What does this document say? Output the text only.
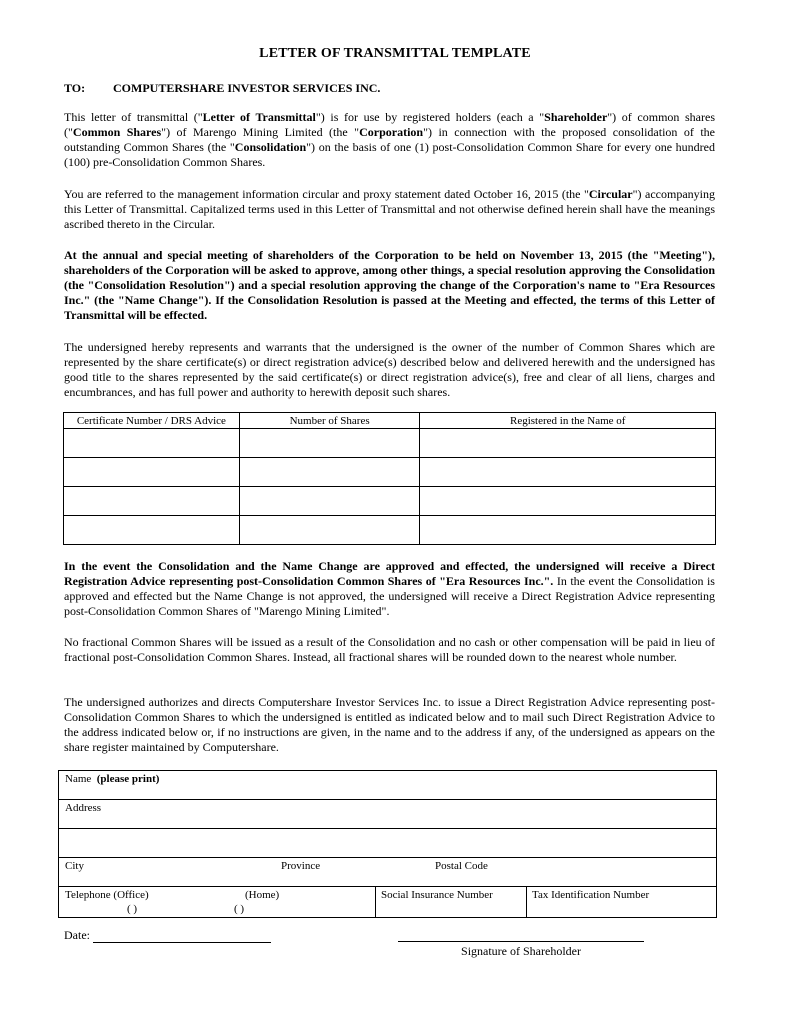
LETTER OF TRANSMITTAL TEMPLATE
TO: COMPUTERSHARE INVESTOR SERVICES INC.

This letter of transmittal ("Letter of Transmittal") is for use by registered holders (each a "Shareholder") of common shares ("Common Shares") of Marengo Mining Limited (the "Corporation") in connection with the proposed consolidation of the outstanding Common Shares (the "Consolidation") on the basis of one (1) post-Consolidation Common Share for every one hundred (100) pre-Consolidation Common Shares.

You are referred to the management information circular and proxy statement dated October 16, 2015 (the "Circular") accompanying this Letter of Transmittal. Capitalized terms used in this Letter of Transmittal and not otherwise defined herein shall have the meanings ascribed thereto in the Circular.

At the annual and special meeting of shareholders of the Corporation to be held on November 13, 2015 (the "Meeting"), shareholders of the Corporation will be asked to approve, among other things, a special resolution approving the Consolidation (the "Consolidation Resolution") and a special resolution approving the change of the Corporation's name to "Era Resources Inc." (the "Name Change"). If the Consolidation Resolution is passed at the Meeting and effected, the terms of this Letter of Transmittal will be effected.

The undersigned hereby represents and warrants that the undersigned is the owner of the number of Common Shares which are represented by the share certificate(s) or direct registration advice(s) described below and delivered herewith and the undersigned has good title to the shares represented by the said certificate(s) or direct registration advice(s), free and clear of all liens, charges and encumbrances, and has full power and authority to herewith deposit such shares.

Certificate Number / DRS Advice	Number of Shares	Registered in the Name of

In the event the Consolidation and the Name Change are approved and effected, the undersigned will receive a Direct Registration Advice representing post-Consolidation Common Shares of "Era Resources Inc.". In the event the Consolidation is approved and effected but the Name Change is not approved, the undersigned will receive a Direct Registration Advice representing post-Consolidation Common Shares of "Marengo Mining Limited".

No fractional Common Shares will be issued as a result of the Consolidation and no cash or other compensation will be paid in lieu of fractional post-Consolidation Common Shares. Instead, all fractional shares will be rounded down to the nearest whole number.

The undersigned authorizes and directs Computershare Investor Services Inc. to issue a Direct Registration Advice representing post-Consolidation Common Shares to which the undersigned is entitled as indicated below and to mail such Direct Registration Advice to the address indicated below or, if no instructions are given, in the name and to the address if any, of the undersigned as appears on the share register maintained by Computershare.

Name (please print)
Address
City	Province	Postal Code
Telephone (Office)	(Home)
( )	( )
Social Insurance Number	Tax Identification Number
Date:
Signature of Shareholder
